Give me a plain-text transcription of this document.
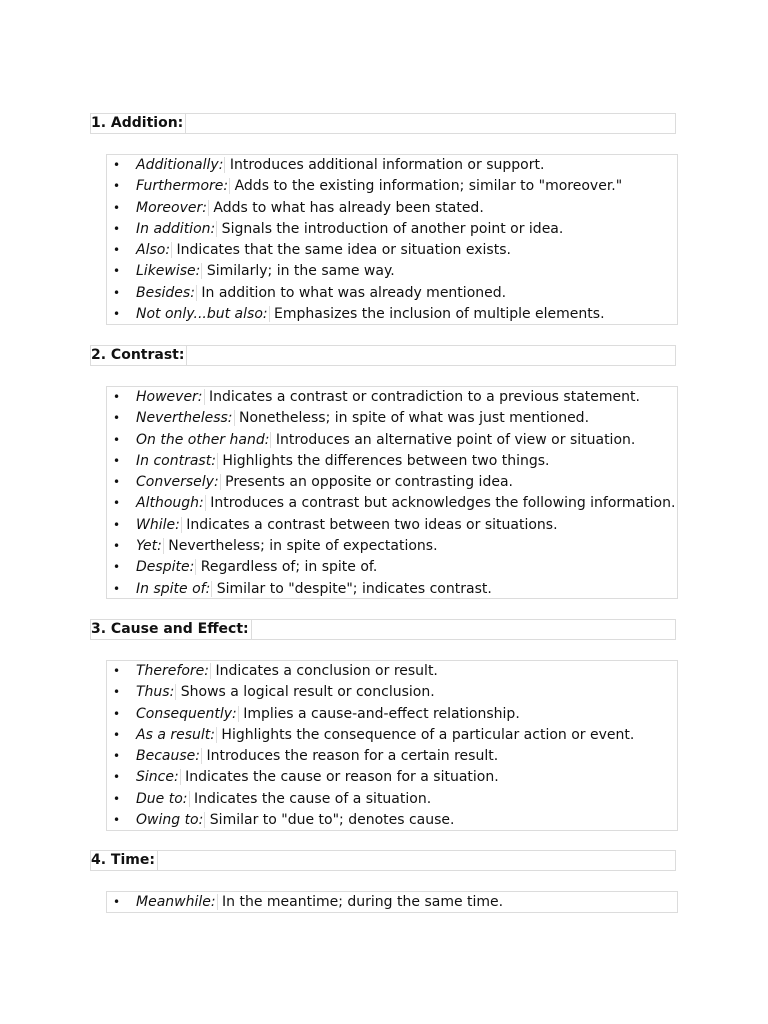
1. Addition:
• Additionally: Introduces additional information or support.
• Furthermore: Adds to the existing information; similar to "moreover."
• Moreover: Adds to what has already been stated.
• In addition: Signals the introduction of another point or idea.
• Also: Indicates that the same idea or situation exists.
• Likewise: Similarly; in the same way.
• Besides: In addition to what was already mentioned.
• Not only...but also: Emphasizes the inclusion of multiple elements.
2. Contrast:
• However: Indicates a contrast or contradiction to a previous statement.
• Nevertheless: Nonetheless; in spite of what was just mentioned.
• On the other hand: Introduces an alternative point of view or situation.
• In contrast: Highlights the differences between two things.
• Conversely: Presents an opposite or contrasting idea.
• Although: Introduces a contrast but acknowledges the following information.
• While: Indicates a contrast between two ideas or situations.
• Yet: Nevertheless; in spite of expectations.
• Despite: Regardless of; in spite of.
• In spite of: Similar to "despite"; indicates contrast.
3. Cause and Effect:
• Therefore: Indicates a conclusion or result.
• Thus: Shows a logical result or conclusion.
• Consequently: Implies a cause-and-effect relationship.
• As a result: Highlights the consequence of a particular action or event.
• Because: Introduces the reason for a certain result.
• Since: Indicates the cause or reason for a situation.
• Due to: Indicates the cause of a situation.
• Owing to: Similar to "due to"; denotes cause.
4. Time:
• Meanwhile: In the meantime; during the same time.
